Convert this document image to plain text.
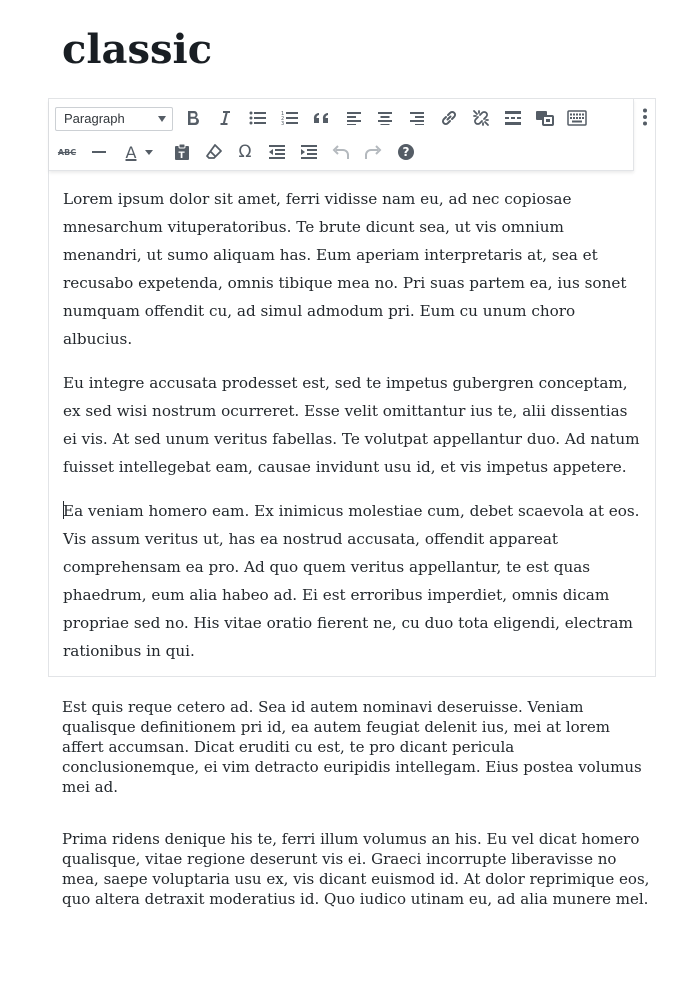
classic
Paragraph	1
2
3
ABC	A	T	Ω	?

Lorem ipsum dolor sit amet, ferri vidisse nam eu, ad nec copiosae mnesarchum vituperatoribus. Te brute dicunt sea, ut vis omnium menandri, ut sumo aliquam has. Eum aperiam interpretaris at, sea et recusabo expetenda, omnis tibique mea no. Pri suas partem ea, ius sonet numquam offendit cu, ad simul admodum pri. Eum cu unum choro albucius.

Eu integre accusata prodesset est, sed te impetus gubergren conceptam, ex sed wisi nostrum ocurreret. Esse velit omittantur ius te, alii dissentias ei vis. At sed unum veritus fabellas. Te volutpat appellantur duo. Ad natum fuisset intellegebat eam, causae invidunt usu id, et vis impetus appetere.

Ea veniam homero eam. Ex inimicus molestiae cum, debet scaevola at eos. Vis assum veritus ut, has ea nostrud accusata, offendit appareat comprehensam ea pro. Ad quo quem veritus appellantur, te est quas phaedrum, eum alia habeo ad. Ei est erroribus imperdiet, omnis dicam propriae sed no. His vitae oratio fierent ne, cu duo tota eligendi, electram rationibus in qui.

Est quis reque cetero ad. Sea id autem nominavi deseruisse. Veniam qualisque definitionem pri id, ea autem feugiat delenit ius, mei at lorem affert accumsan. Dicat eruditi cu est, te pro dicant pericula conclusionemque, ei vim detracto euripidis intellegam. Eius postea volumus mei ad.

Prima ridens denique his te, ferri illum volumus an his. Eu vel dicat homero qualisque, vitae regione deserunt vis ei. Graeci incorrupte liberavisse no mea, saepe voluptaria usu ex, vis dicant euismod id. At dolor reprimique eos, quo altera detraxit moderatius id. Quo iudico utinam eu, ad alia munere mel.
